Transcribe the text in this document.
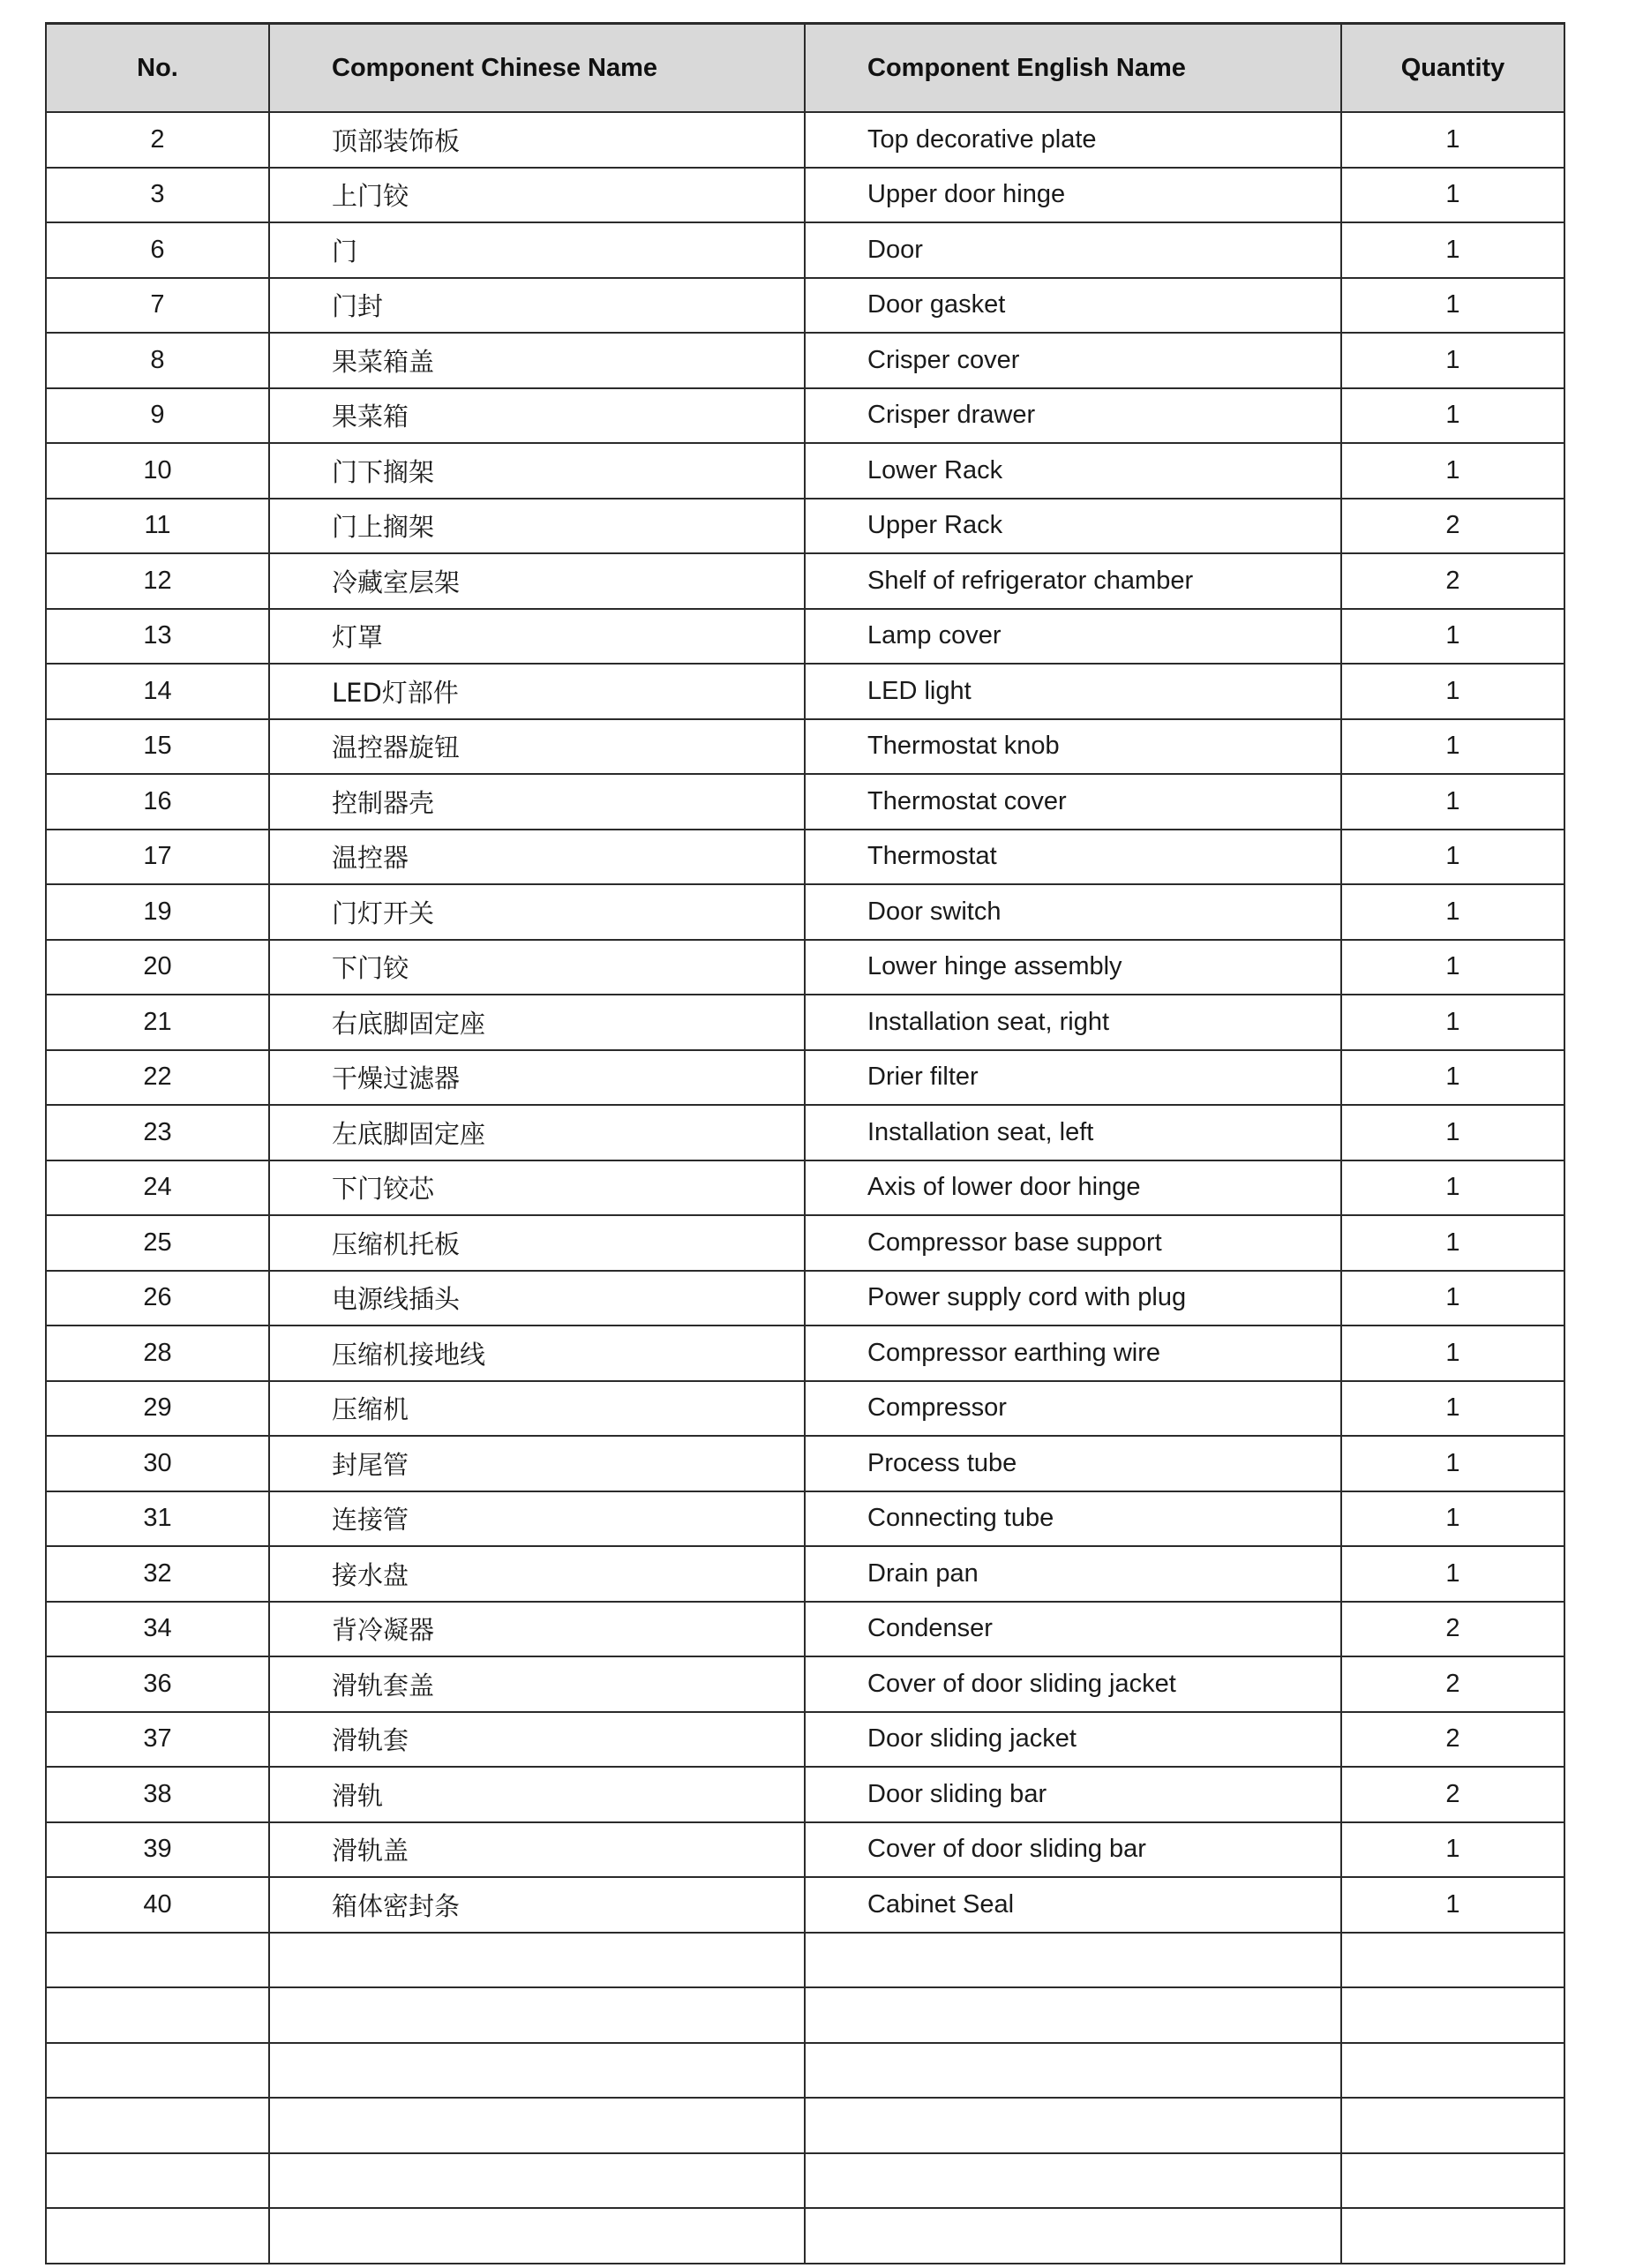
No.	Component Chinese Name	Component English Name	Quantity
2	顶部装饰板	Top decorative plate	1
3	上门铰	Upper door hinge	1
6	门	Door	1
7	门封	Door gasket	1
8	果菜箱盖	Crisper cover	1
9	果菜箱	Crisper drawer	1
10	门下搁架	Lower Rack	1
11	门上搁架	Upper Rack	2
12	冷藏室层架	Shelf of refrigerator chamber	2
13	灯罩	Lamp cover	1
14	LED灯部件	LED light	1
15	温控器旋钮	Thermostat knob	1
16	控制器壳	Thermostat cover	1
17	温控器	Thermostat	1
19	门灯开关	Door switch	1
20	下门铰	Lower hinge assembly	1
21	右底脚固定座	Installation seat, right	1
22	干燥过滤器	Drier filter	1
23	左底脚固定座	Installation seat, left	1
24	下门铰芯	Axis of lower door hinge	1
25	压缩机托板	Compressor base support	1
26	电源线插头	Power supply cord with plug	1
28	压缩机接地线	Compressor earthing wire	1
29	压缩机	Compressor	1
30	封尾管	Process tube	1
31	连接管	Connecting tube	1
32	接水盘	Drain pan	1
34	背冷凝器	Condenser	2
36	滑轨套盖	Cover of door sliding jacket	2
37	滑轨套	Door sliding jacket	2
38	滑轨	Door sliding bar	2
39	滑轨盖	Cover of door sliding bar	1
40	箱体密封条	Cabinet Seal	1
